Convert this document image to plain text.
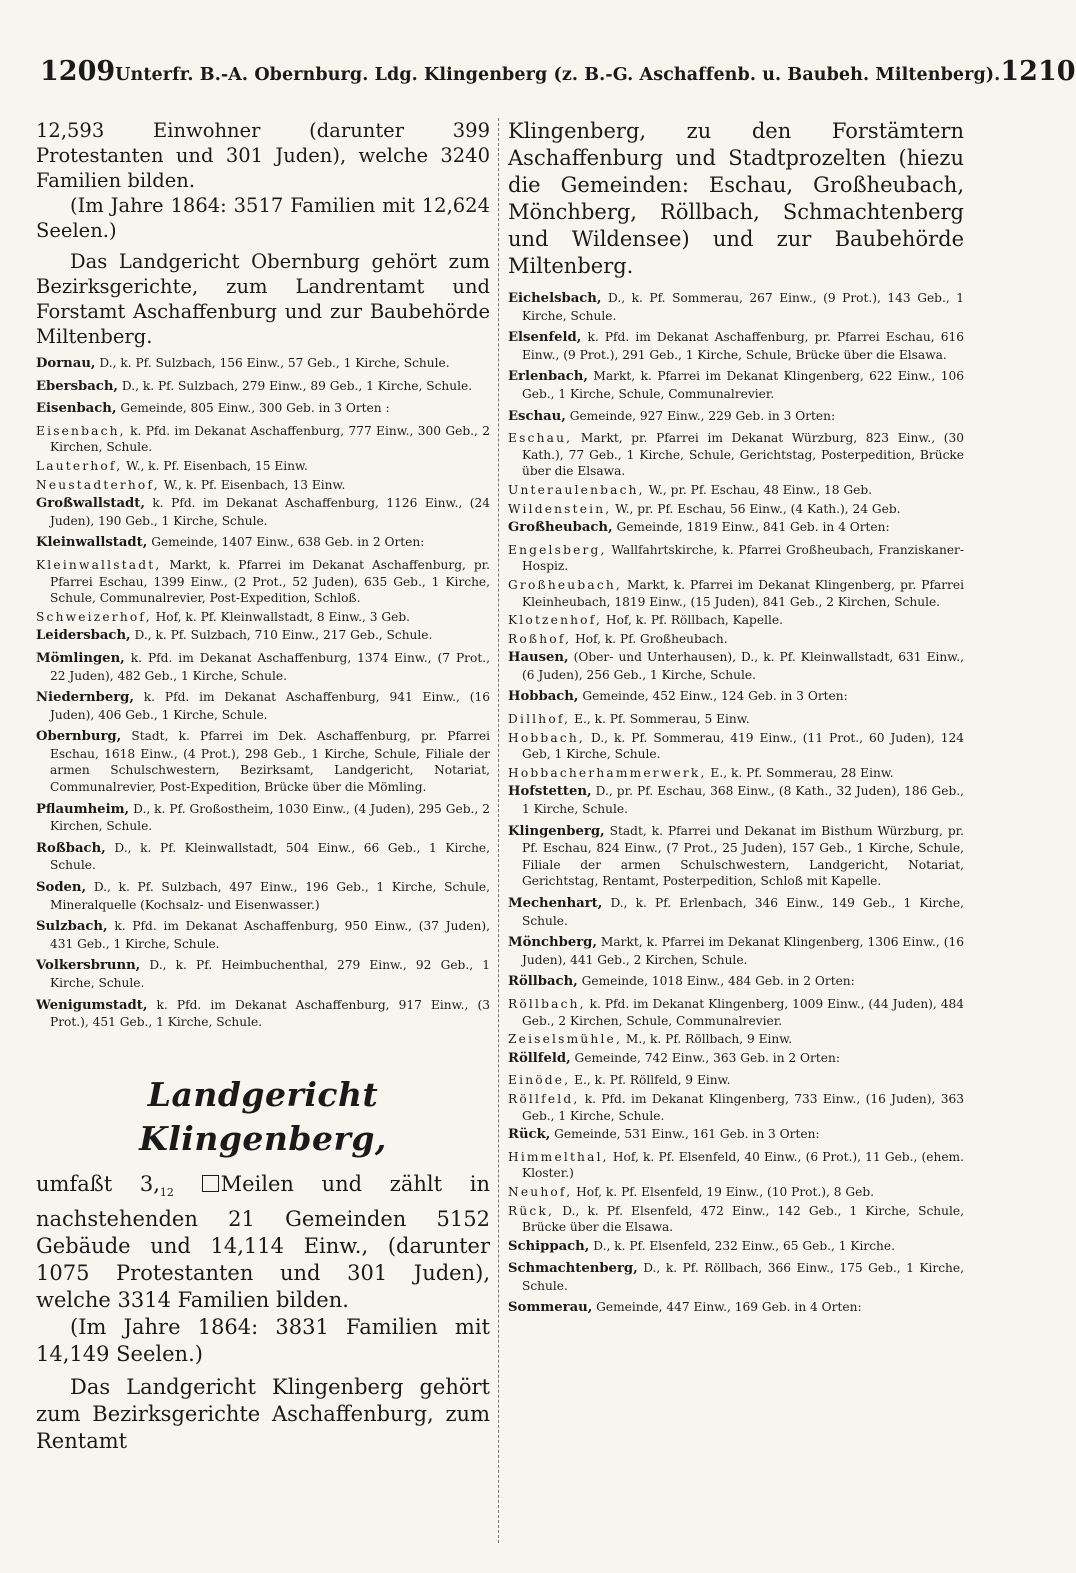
1209 Unterfr. B.-A. Obernburg. Ldg. Klingenberg (z. B.-G. Aschaffenb. u. Baubeh. Miltenberg). 1210

12,593 Einwohner (darunter 399 Protestanten und 301 Juden), welche 3240 Familien bilden.

(Im Jahre 1864: 3517 Familien mit 12,624 Seelen.)

Das Landgericht Obernburg gehört zum Bezirksgerichte, zum Landrentamt und Forstamt Aschaffenburg und zur Baubehörde Miltenberg.

Dornau, D., k. Pf. Sulzbach, 156 Einw., 57 Geb., 1 Kirche, Schule.

Ebersbach, D., k. Pf. Sulzbach, 279 Einw., 89 Geb., 1 Kirche, Schule.

Eisenbach, Gemeinde, 805 Einw., 300 Geb. in 3 Orten :

Eisenbach, k. Pfd. im Dekanat Aschaffenburg, 777 Einw., 300 Geb., 2 Kirchen, Schule.

Lauterhof, W., k. Pf. Eisenbach, 15 Einw.

Neustadterhof, W., k. Pf. Eisenbach, 13 Einw.

Großwallstadt, k. Pfd. im Dekanat Aschaffenburg, 1126 Einw., (24 Juden), 190 Geb., 1 Kirche, Schule.

Kleinwallstadt, Gemeinde, 1407 Einw., 638 Geb. in 2 Orten:

Kleinwallstadt, Markt, k. Pfarrei im Dekanat Aschaffenburg, pr. Pfarrei Eschau, 1399 Einw., (2 Prot., 52 Juden), 635 Geb., 1 Kirche, Schule, Communalrevier, Post-Expedition, Schloß.

Schweizerhof, Hof, k. Pf. Kleinwallstadt, 8 Einw., 3 Geb.

Leidersbach, D., k. Pf. Sulzbach, 710 Einw., 217 Geb., Schule.

Mömlingen, k. Pfd. im Dekanat Aschaffenburg, 1374 Einw., (7 Prot., 22 Juden), 482 Geb., 1 Kirche, Schule.

Niedernberg, k. Pfd. im Dekanat Aschaffenburg, 941 Einw., (16 Juden), 406 Geb., 1 Kirche, Schule.

Obernburg, Stadt, k. Pfarrei im Dek. Aschaffenburg, pr. Pfarrei Eschau, 1618 Einw., (4 Prot.), 298 Geb., 1 Kirche, Schule, Filiale der armen Schulschwestern, Bezirksamt, Landgericht, Notariat, Communalrevier, Post-Expedition, Brücke über die Mömling.

Pflaumheim, D., k. Pf. Großostheim, 1030 Einw., (4 Juden), 295 Geb., 2 Kirchen, Schule.

Roßbach, D., k. Pf. Kleinwallstadt, 504 Einw., 66 Geb., 1 Kirche, Schule.

Soden, D., k. Pf. Sulzbach, 497 Einw., 196 Geb., 1 Kirche, Schule, Mineralquelle (Kochsalz- und Eisenwasser.)

Sulzbach, k. Pfd. im Dekanat Aschaffenburg, 950 Einw., (37 Juden), 431 Geb., 1 Kirche, Schule.

Volkersbrunn, D., k. Pf. Heimbuchenthal, 279 Einw., 92 Geb., 1 Kirche, Schule.

Wenigumstadt, k. Pfd. im Dekanat Aschaffenburg, 917 Einw., (3 Prot.), 451 Geb., 1 Kirche, Schule.

Landgericht Klingenberg,

umfaßt $3,_{12}$ Meilen und zählt in nachstehenden 21 Gemeinden 5152 Gebäude und 14,114 Einw., (darunter 1075 Protestanten und 301 Juden), welche 3314 Familien bilden.

(Im Jahre 1864: 3831 Familien mit 14,149 Seelen.)

Das Landgericht Klingenberg gehört zum Bezirksgerichte Aschaffenburg, zum Rentamt

Klingenberg, zu den Forstämtern Aschaffenburg und Stadtprozelten (hiezu die Gemeinden: Eschau, Großheubach, Mönchberg, Röllbach, Schmachtenberg und Wildensee) und zur Baubehörde Miltenberg.

Eichelsbach, D., k. Pf. Sommerau, 267 Einw., (9 Prot.), 143 Geb., 1 Kirche, Schule.

Elsenfeld, k. Pfd. im Dekanat Aschaffenburg, pr. Pfarrei Eschau, 616 Einw., (9 Prot.), 291 Geb., 1 Kirche, Schule, Brücke über die Elsawa.

Erlenbach, Markt, k. Pfarrei im Dekanat Klingenberg, 622 Einw., 106 Geb., 1 Kirche, Schule, Communalrevier.

Eschau, Gemeinde, 927 Einw., 229 Geb. in 3 Orten:

Eschau, Markt, pr. Pfarrei im Dekanat Würzburg, 823 Einw., (30 Kath.), 77 Geb., 1 Kirche, Schule, Gerichtstag, Posterpedition, Brücke über die Elsawa.

Unteraulenbach, W., pr. Pf. Eschau, 48 Einw., 18 Geb.

Wildenstein, W., pr. Pf. Eschau, 56 Einw., (4 Kath.), 24 Geb.

Großheubach, Gemeinde, 1819 Einw., 841 Geb. in 4 Orten:

Engelsberg, Wallfahrtskirche, k. Pfarrei Großheubach, Franziskaner-Hospiz.

Großheubach, Markt, k. Pfarrei im Dekanat Klingenberg, pr. Pfarrei Kleinheubach, 1819 Einw., (15 Juden), 841 Geb., 2 Kirchen, Schule.

Klotzenhof, Hof, k. Pf. Röllbach, Kapelle.

Roßhof, Hof, k. Pf. Großheubach.

Hausen, (Ober- und Unterhausen), D., k. Pf. Kleinwallstadt, 631 Einw., (6 Juden), 256 Geb., 1 Kirche, Schule.

Hobbach, Gemeinde, 452 Einw., 124 Geb. in 3 Orten:

Dillhof, E., k. Pf. Sommerau, 5 Einw.

Hobbach, D., k. Pf. Sommerau, 419 Einw., (11 Prot., 60 Juden), 124 Geb, 1 Kirche, Schule.

Hobbacherhammerwerk, E., k. Pf. Sommerau, 28 Einw.

Hofstetten, D., pr. Pf. Eschau, 368 Einw., (8 Kath., 32 Juden), 186 Geb., 1 Kirche, Schule.

Klingenberg, Stadt, k. Pfarrei und Dekanat im Bisthum Würzburg, pr. Pf. Eschau, 824 Einw., (7 Prot., 25 Juden), 157 Geb., 1 Kirche, Schule, Filiale der armen Schulschwestern, Landgericht, Notariat, Gerichtstag, Rentamt, Posterpedition, Schloß mit Kapelle.

Mechenhart, D., k. Pf. Erlenbach, 346 Einw., 149 Geb., 1 Kirche, Schule.

Mönchberg, Markt, k. Pfarrei im Dekanat Klingenberg, 1306 Einw., (16 Juden), 441 Geb., 2 Kirchen, Schule.

Röllbach, Gemeinde, 1018 Einw., 484 Geb. in 2 Orten:

Röllbach, k. Pfd. im Dekanat Klingenberg, 1009 Einw., (44 Juden), 484 Geb., 2 Kirchen, Schule, Communalrevier.

Zeiselsmühle, M., k. Pf. Röllbach, 9 Einw.

Röllfeld, Gemeinde, 742 Einw., 363 Geb. in 2 Orten:

Einöde, E., k. Pf. Röllfeld, 9 Einw.

Röllfeld, k. Pfd. im Dekanat Klingenberg, 733 Einw., (16 Juden), 363 Geb., 1 Kirche, Schule.

Rück, Gemeinde, 531 Einw., 161 Geb. in 3 Orten:

Himmelthal, Hof, k. Pf. Elsenfeld, 40 Einw., (6 Prot.), 11 Geb., (ehem. Kloster.)

Neuhof, Hof, k. Pf. Elsenfeld, 19 Einw., (10 Prot.), 8 Geb.

Rück, D., k. Pf. Elsenfeld, 472 Einw., 142 Geb., 1 Kirche, Schule, Brücke über die Elsawa.

Schippach, D., k. Pf. Elsenfeld, 232 Einw., 65 Geb., 1 Kirche.

Schmachtenberg, D., k. Pf. Röllbach, 366 Einw., 175 Geb., 1 Kirche, Schule.

Sommerau, Gemeinde, 447 Einw., 169 Geb. in 4 Orten:
